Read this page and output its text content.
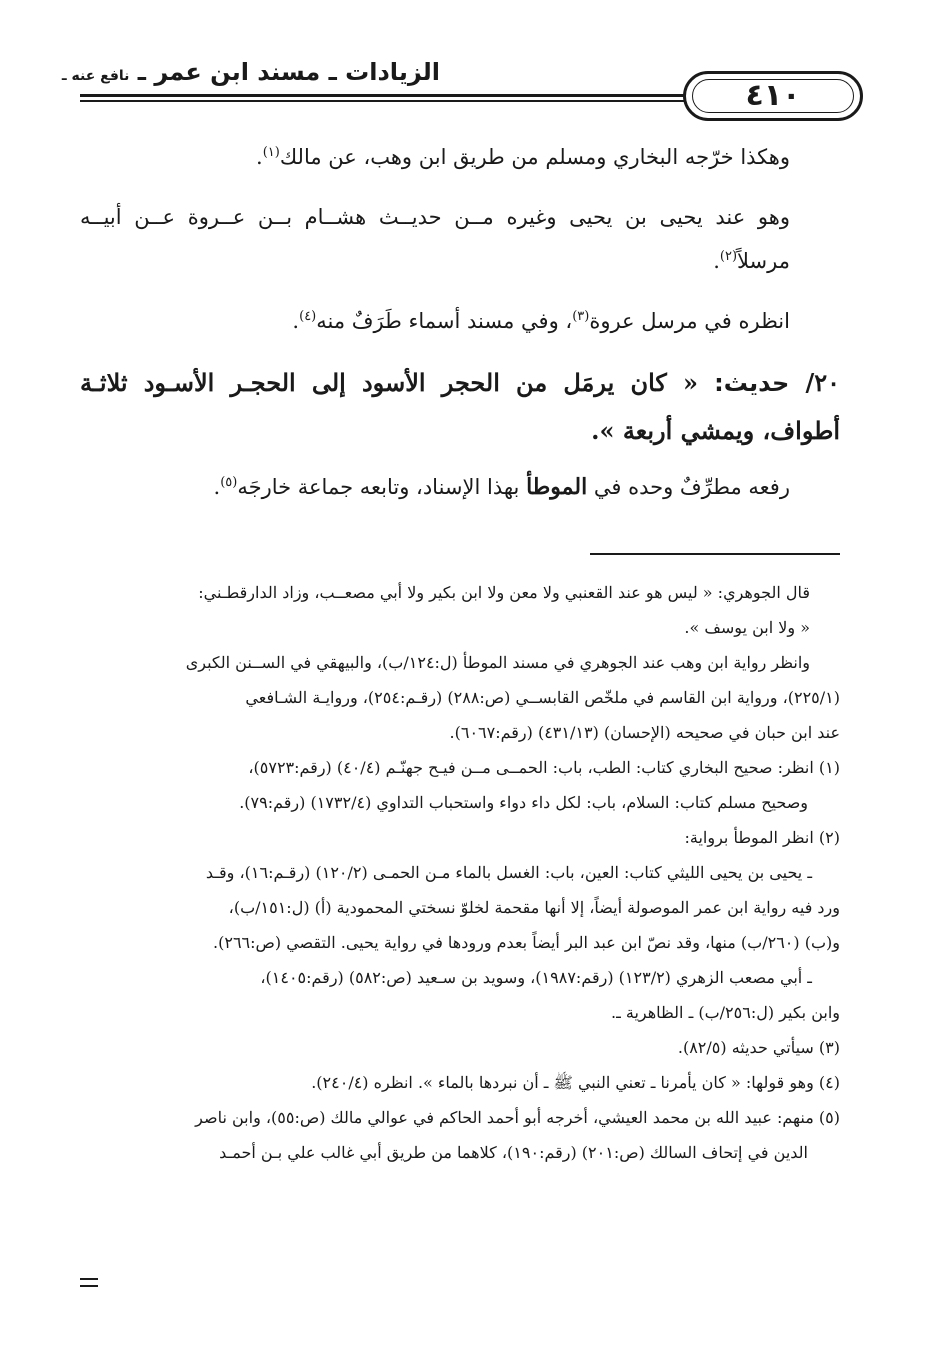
الزيادات ـ مسند ابن عمر ـ نافع عنه ـ
٤١٠

وهكذا خرّجه البخاري ومسلم من طريق ابن وهب، عن مالك$^{(١)}$.

وهو عند يحيى بن يحيى وغيره مــن حديــث هشــام بــن عــروة عــن أبيــه مرسلاً$^{(٢)}$.

انظره في مرسل عروة$^{(٣)}$، وفي مسند أسماء طَرَفٌ منه$^{(٤)}$.

٢٠/ حديث: « كان يرمَل من الحجر الأسود إلى الحجـر الأسـود ثلاثـة أطواف، ويمشي أربعة ».

رفعه مطرِّفٌ وحده في الموطأ بهذا الإسناد، وتابعه جماعة خارجَه$^{(٥)}$.

قال الجوهري: « ليس هو عند القعنبي ولا معن ولا ابن بكير ولا أبي مصعــب، وزاد الدارقطـني:

« ولا ابن يوسف ».

وانظر رواية ابن وهب عند الجوهري في مسند الموطأ (ل:١٢٤/ب)، والبيهقي في الســنن الكبرى

(٢٢٥/١)، ورواية ابن القاسم في ملخّص القابســي (ص:٢٨٨) (رقـم:٢٥٤)، وروايـة الشـافعي

عند ابن حبان في صحيحه (الإحسان) (٤٣١/١٣) (رقم:٦٠٦٧).

(١) انظر: صحيح البخاري كتاب: الطب، باب: الحمــى مــن فيـح جهنّـم (٤٠/٤) (رقم:٥٧٢٣)،

وصحيح مسلم كتاب: السلام، باب: لكل داء دواء واستحباب التداوي (١٧٣٢/٤) (رقم:٧٩).

(٢) انظر الموطأ برواية:

ـ يحيى بن يحيى الليثي كتاب: العين، باب: الغسل بالماء مـن الحمـى (١٢٠/٢) (رقـم:١٦)، وقـد

ورد فيه رواية ابن عمر الموصولة أيضاً، إلا أنها مقحمة لخلوّ نسختي المحمودية (أ) (ل:١٥١/ب)،

و(ب) (٢٦٠/ب) منها، وقد نصّ ابن عبد البر أيضاً بعدم ورودها في رواية يحيى. التقصي (ص:٢٦٦).

ـ أبي مصعب الزهري (١٢٣/٢) (رقم:١٩٨٧)، وسويد بن سـعيد (ص:٥٨٢) (رقم:١٤٠٥)،

وابن بكير (ل:٢٥٦/ب) ـ الظاهرية ـ.

(٣) سيأتي حديثه (٨٢/٥).

(٤) وهو قولها: « كان يأمرنا ـ تعني النبي ﷺ ـ أن نبردها بالماء ». انظره (٢٤٠/٤).

(٥) منهم: عبيد الله بن محمد العيشي، أخرجه أبو أحمد الحاكم في عوالي مالك (ص:٥٥)، وابن ناصر

الدين في إتحاف السالك (ص:٢٠١) (رقم:١٩٠)، كلاهما من طريق أبي غالب علي بـن أحمـد
